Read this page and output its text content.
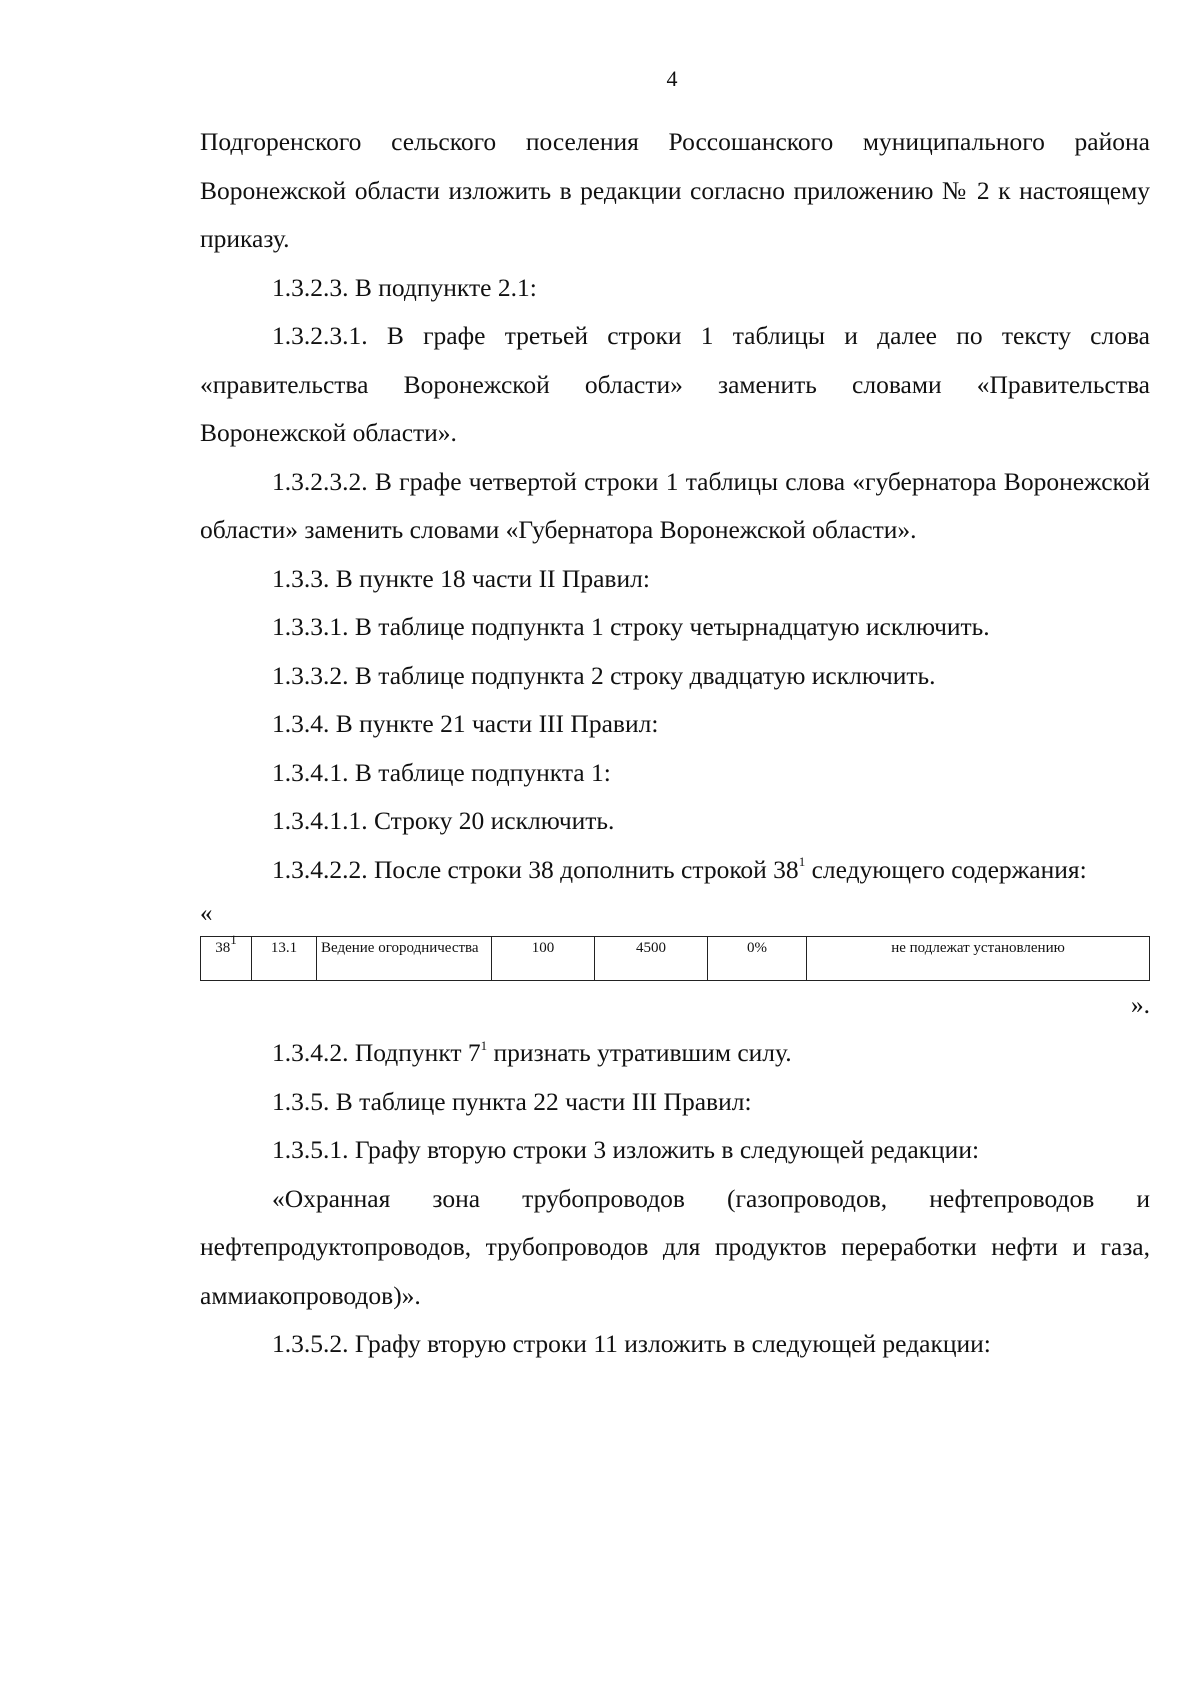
4

Подгоренского сельского поселения Россошанского муниципального района Воронежской области изложить в редакции согласно приложению № 2 к настоящему приказу.

1.3.2.3. В подпункте 2.1:

1.3.2.3.1. В графе третьей строки 1 таблицы и далее по тексту слова «правительства Воронежской области» заменить словами «Правительства Воронежской области».

1.3.2.3.2. В графе четвертой строки 1 таблицы слова «губернатора Воронежской области» заменить словами «Губернатора Воронежской области».

1.3.3. В пункте 18 части II Правил:

1.3.3.1. В таблице подпункта 1 строку четырнадцатую исключить.

1.3.3.2. В таблице подпункта 2 строку двадцатую исключить.

1.3.4. В пункте 21 части III Правил:

1.3.4.1. В таблице подпункта 1:

1.3.4.1.1. Строку 20 исключить.

1.3.4.2.2. После строки 38 дополнить строкой $38^1$ следующего содержания:

«

$38^1$	13.1	Ведение огородничества	100	4500	0%	не подлежат установлению

».

1.3.4.2. Подпункт $7^1$ признать утратившим силу.

1.3.5. В таблице пункта 22 части III Правил:

1.3.5.1. Графу вторую строки 3 изложить в следующей редакции:

«Охранная зона трубопроводов (газопроводов, нефтепроводов и нефтепродуктопроводов, трубопроводов для продуктов переработки нефти и газа, аммиакопроводов)».

1.3.5.2. Графу вторую строки 11 изложить в следующей редакции:
